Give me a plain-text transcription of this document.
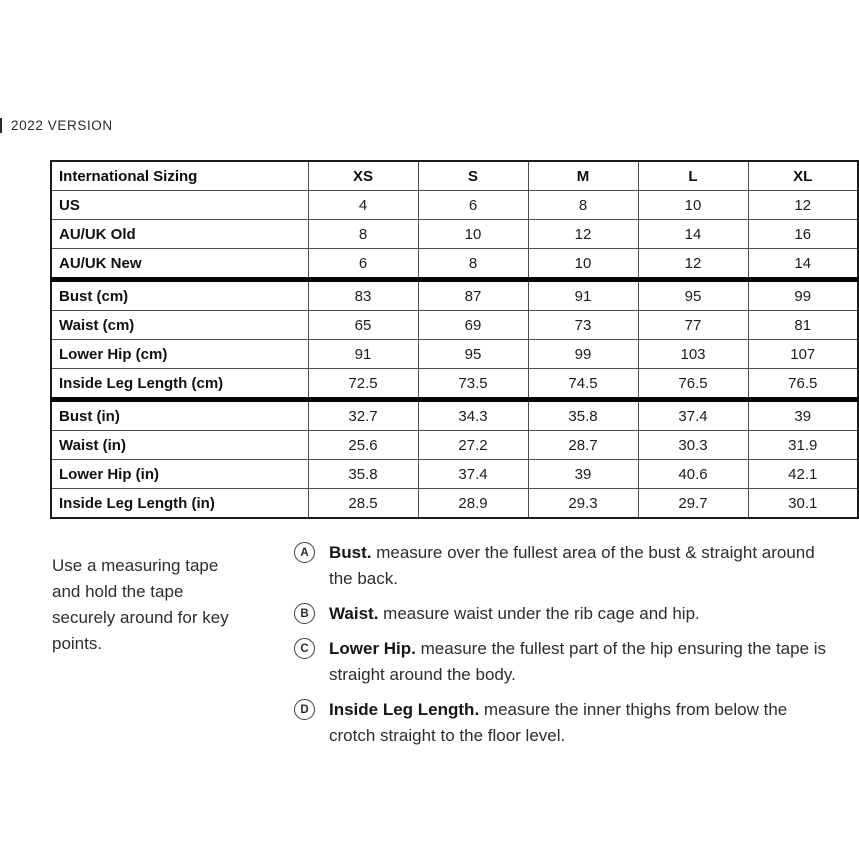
2022 VERSION
International Sizing	XS	S	M	L	XL
US	4	6	8	10	12
AU/UK Old	8	10	12	14	16
AU/UK New	6	8	10	12	14
Bust (cm)	83	87	91	95	99
Waist (cm)	65	69	73	77	81
Lower Hip (cm)	91	95	99	103	107
Inside Leg Length (cm)	72.5	73.5	74.5	76.5	76.5
Bust (in)	32.7	34.3	35.8	37.4	39
Waist (in)	25.6	27.2	28.7	30.3	31.9
Lower Hip (in)	35.8	37.4	39	40.6	42.1
Inside Leg Length (in)	28.5	28.9	29.3	29.7	30.1

Use a measuring tape and hold the tape securely around for key points.

A	Bust. measure over the fullest area of the bust & straight around the back.

B	Waist. measure waist under the rib cage and hip.

C	Lower Hip. measure the fullest part of the hip ensuring the tape is straight around the body.

D	Inside Leg Length. measure the inner thighs from below the crotch straight to the floor level.
